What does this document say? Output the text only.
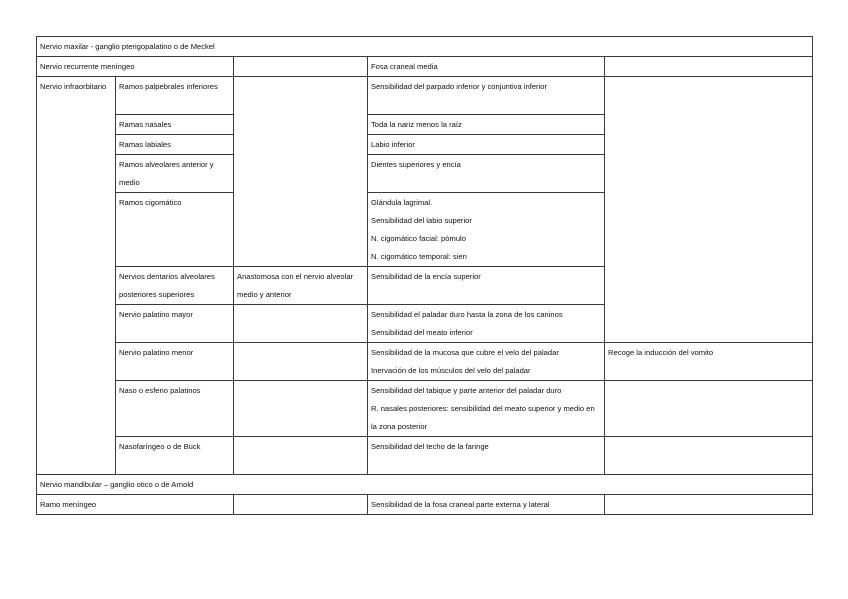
Nervio maxilar - ganglio pterigopalatino o de Meckel				
Nervio recurrente meníngeo			Fosa craneal media	

Nervio infraorbitario	Ramos palpebrales inferiores		Sensibilidad del parpado inferior y conjuntiva inferior	

	Ramas nasales		Toda la nariz menos la raíz	

	Ramas labiales		Labio inferior	

	Ramos alveolares anterior y medio		Dientes superiores y encía	

	Ramos cigomático		Glándula lagrimal.
Sensibilidad del labio superior
N. cigomático facial: pómulo
N. cigomático temporal: sien	

	Nervios dentarios alveolares posteriores superiores	Anastomosa con el nervio alveolar medio y anterior	Sensibilidad de la encía superior	

	Nervio palatino mayor		Sensibilidad el paladar duro hasta la zona de los caninos
Sensibilidad del meato inferior	

	Nervio palatino menor		Sensibilidad de la mucosa que cubre el velo del paladar
Inervación de los músculos del velo del paladar	Recoge la inducción del vomito

	Naso o esfeno palatinos		Sensibilidad del tabique y parte anterior del paladar duro
R. nasales posteriores: sensibilidad del meato superior y medio en la zona posterior	

	Nasofaríngeo o de Buck		Sensibilidad del techo de la faringe	

Nervio mandibular – ganglio otico o de Arnold				
Ramo meníngeo			Sensibilidad de la fosa craneal parte externa y lateral	
